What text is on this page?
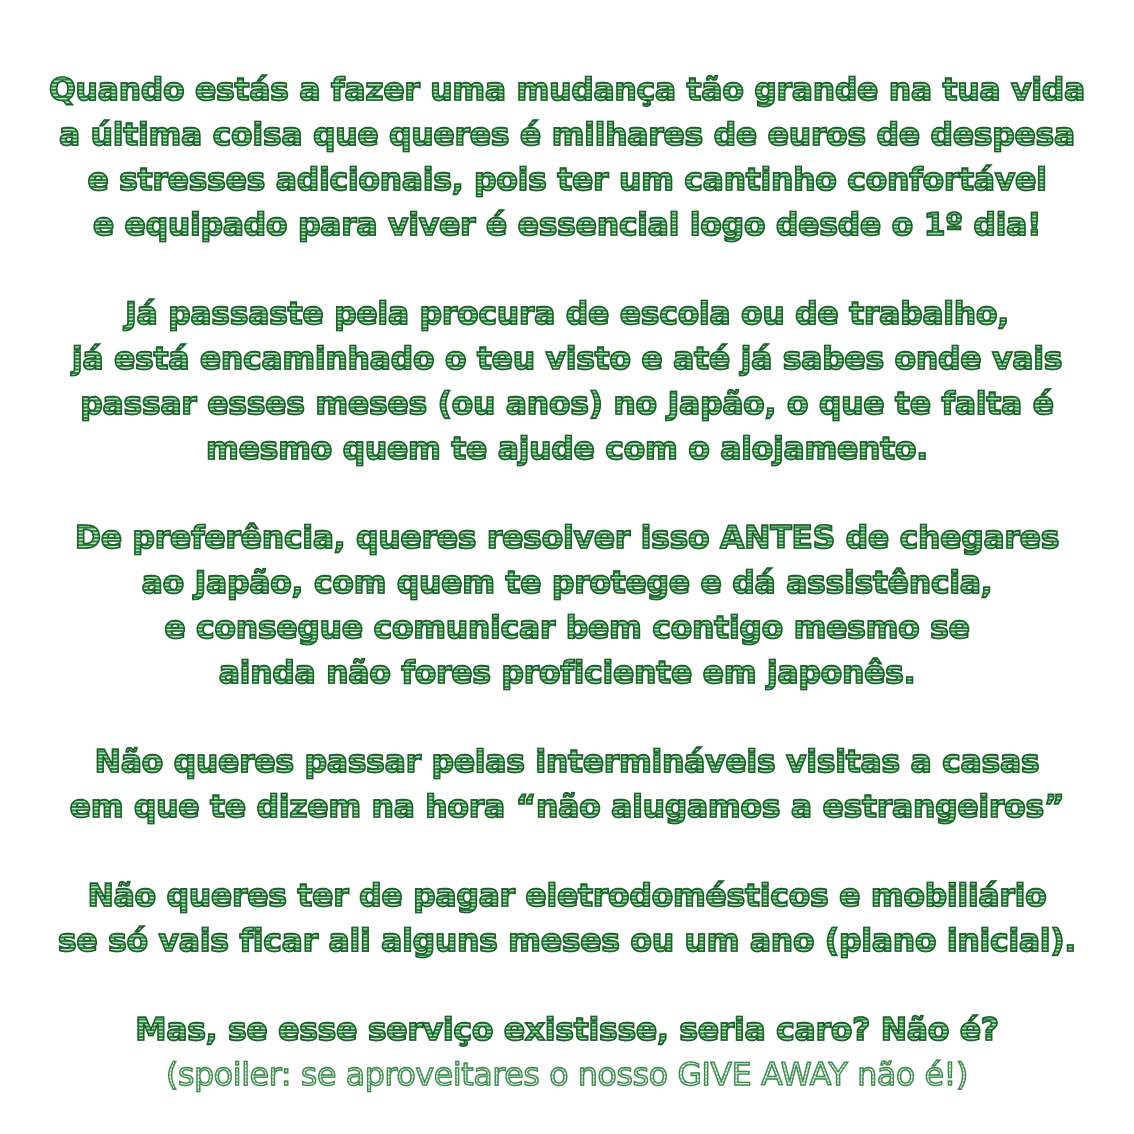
Quando estás a fazer uma mudança tão grande na tua vida
a última coisa que queres é milhares de euros de despesa
e stresses adicionais, pois ter um cantinho confortável
e equipado para viver é essencial logo desde o 1º dia!

Já passaste pela procura de escola ou de trabalho,
já está encaminhado o teu visto e até já sabes onde vais
passar esses meses (ou anos) no Japão, o que te falta é
mesmo quem te ajude com o alojamento.

De preferência, queres resolver isso ANTES de chegares
ao Japão, com quem te protege e dá assistência,
e consegue comunicar bem contigo mesmo se
ainda não fores proficiente em japonês.

Não queres passar pelas intermináveis visitas a casas
em que te dizem na hora “não alugamos a estrangeiros”

Não queres ter de pagar eletrodomésticos e mobiliário
se só vais ficar ali alguns meses ou um ano (plano inicial).

Mas, se esse serviço existisse, seria caro? Não é?
(spoiler: se aproveitares o nosso GIVE AWAY não é!)
